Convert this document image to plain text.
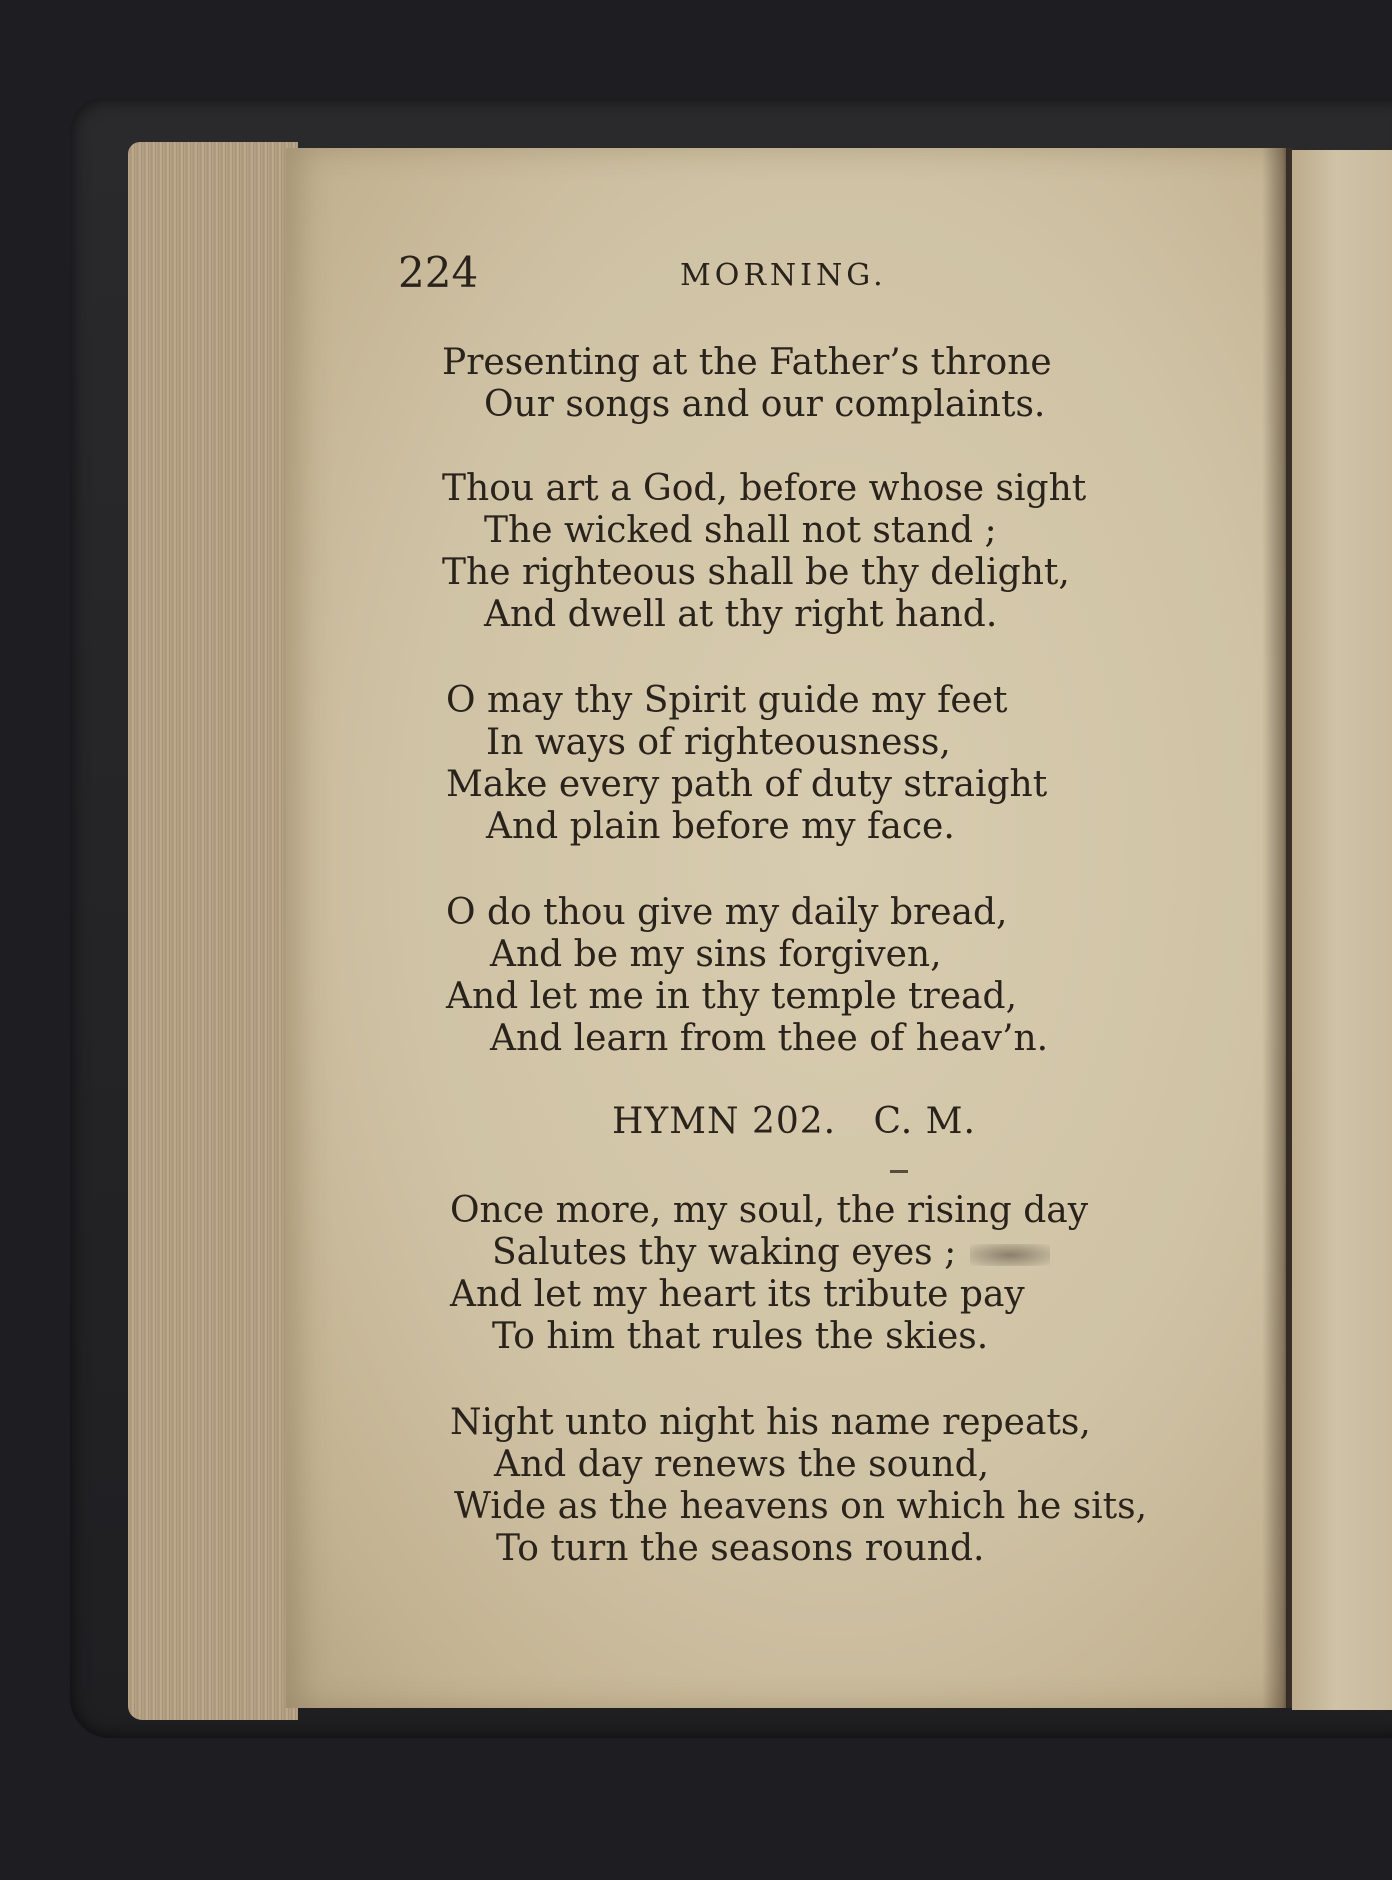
224	MORNING.
Presenting at the Father’s throne
Our songs and our complaints.
Thou art a God, before whose sight
The wicked shall not stand ;
The righteous shall be thy delight,
And dwell at thy right hand.
O may thy Spirit guide my feet
In ways of righteousness,
Make every path of duty straight
And plain before my face.
O do thou give my daily bread,
And be my sins forgiven,
And let me in thy temple tread,
And learn from thee of heav’n.
HYMN 202.   C. M.
Once more, my soul, the rising day
Salutes thy waking eyes ;
And let my heart its tribute pay
To him that rules the skies.
Night unto night his name repeats,
And day renews the sound,
Wide as the heavens on which he sits,
To turn the seasons round.
